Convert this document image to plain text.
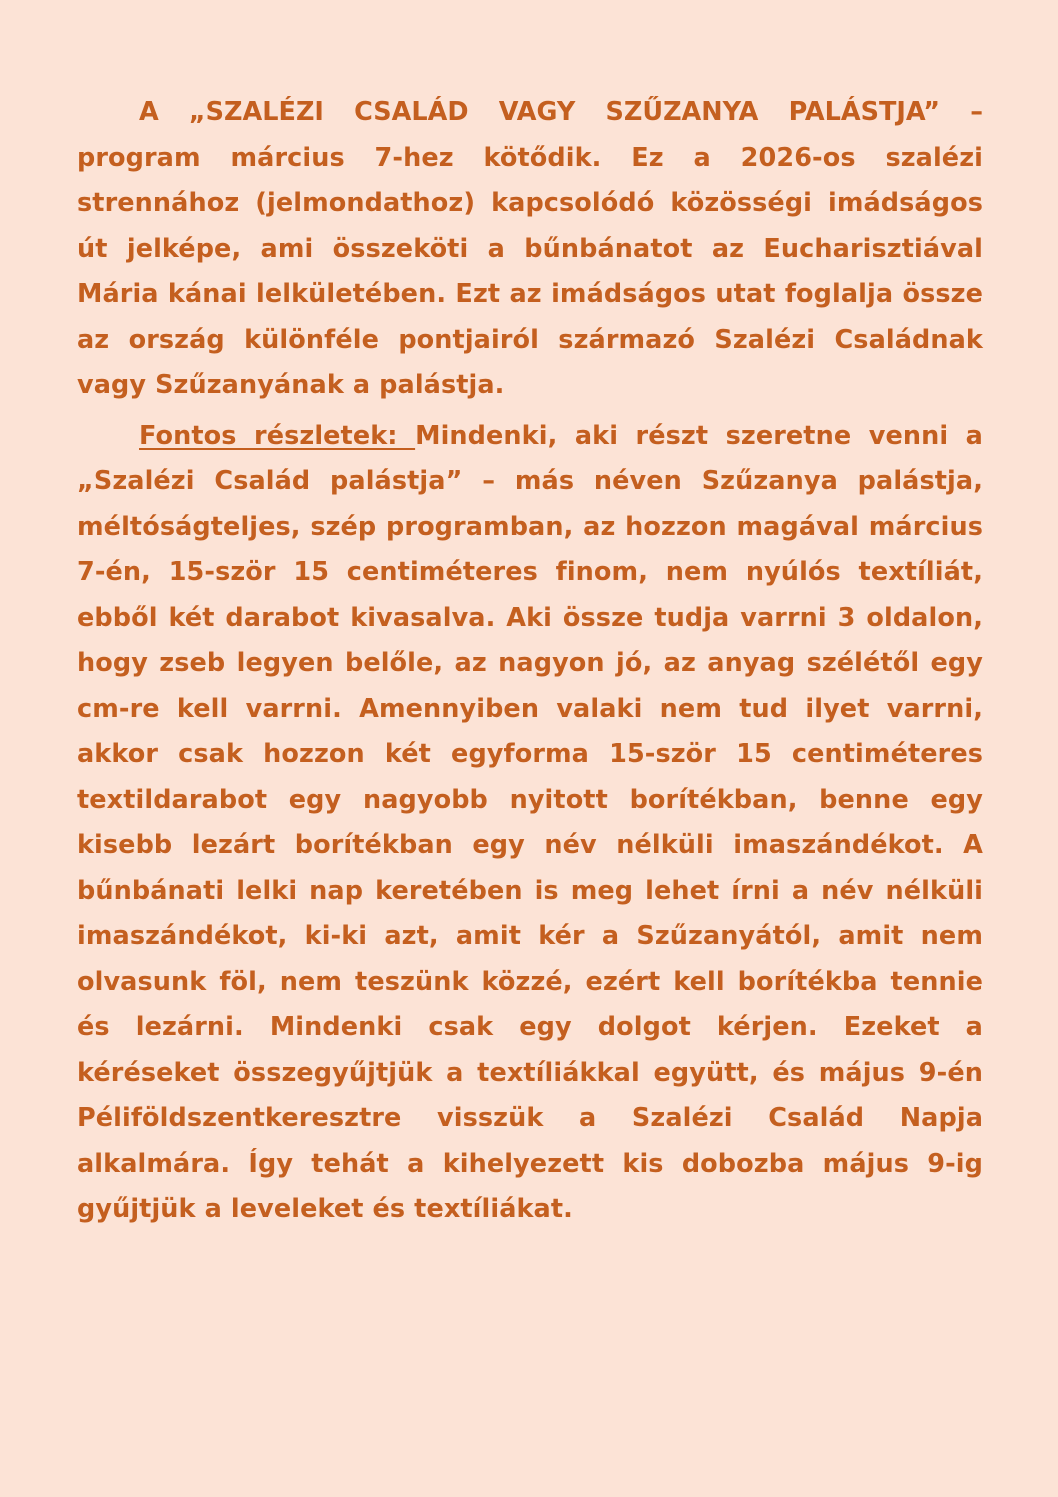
A „SZALÉZI CSALÁD VAGY SZŰZANYA PALÁSTJA” – program március 7-hez kötődik. Ez a 2026-os szalézi strennához (jelmondathoz) kapcsolódó közösségi imádságos út jelképe, ami összeköti a bűnbánatot az Eucharisztiával Mária kánai lelkületében. Ezt az imádságos utat foglalja össze az ország különféle pontjairól származó Szalézi Családnak vagy Szűzanyának a palástja.

Fontos részletek: Mindenki, aki részt szeretne venni a „Szalézi Család palástja” – más néven Szűzanya palástja, méltóságteljes, szép programban, az hozzon magával március 7-én, 15-ször 15 centiméteres finom, nem nyúlós textíliát, ebből két darabot kivasalva. Aki össze tudja varrni 3 oldalon, hogy zseb legyen belőle, az nagyon jó, az anyag szélétől egy cm-re kell varrni. Amennyiben valaki nem tud ilyet varrni, akkor csak hozzon két egyforma 15-ször 15 centiméteres textildarabot egy nagyobb nyitott borítékban, benne egy kisebb lezárt borítékban egy név nélküli imaszándékot. A bűnbánati lelki nap keretében is meg lehet írni a név nélküli imaszándékot, ki-ki azt, amit kér a Szűzanyától, amit nem olvasunk föl, nem teszünk közzé, ezért kell borítékba tennie és lezárni. Mindenki csak egy dolgot kérjen. Ezeket a kéréseket összegyűjtjük a textíliákkal együtt, és május 9-én Péliföldszentkeresztre visszük a Szalézi Család Napja alkalmára. Így tehát a kihelyezett kis dobozba május 9-ig gyűjtjük a leveleket és textíliákat.
